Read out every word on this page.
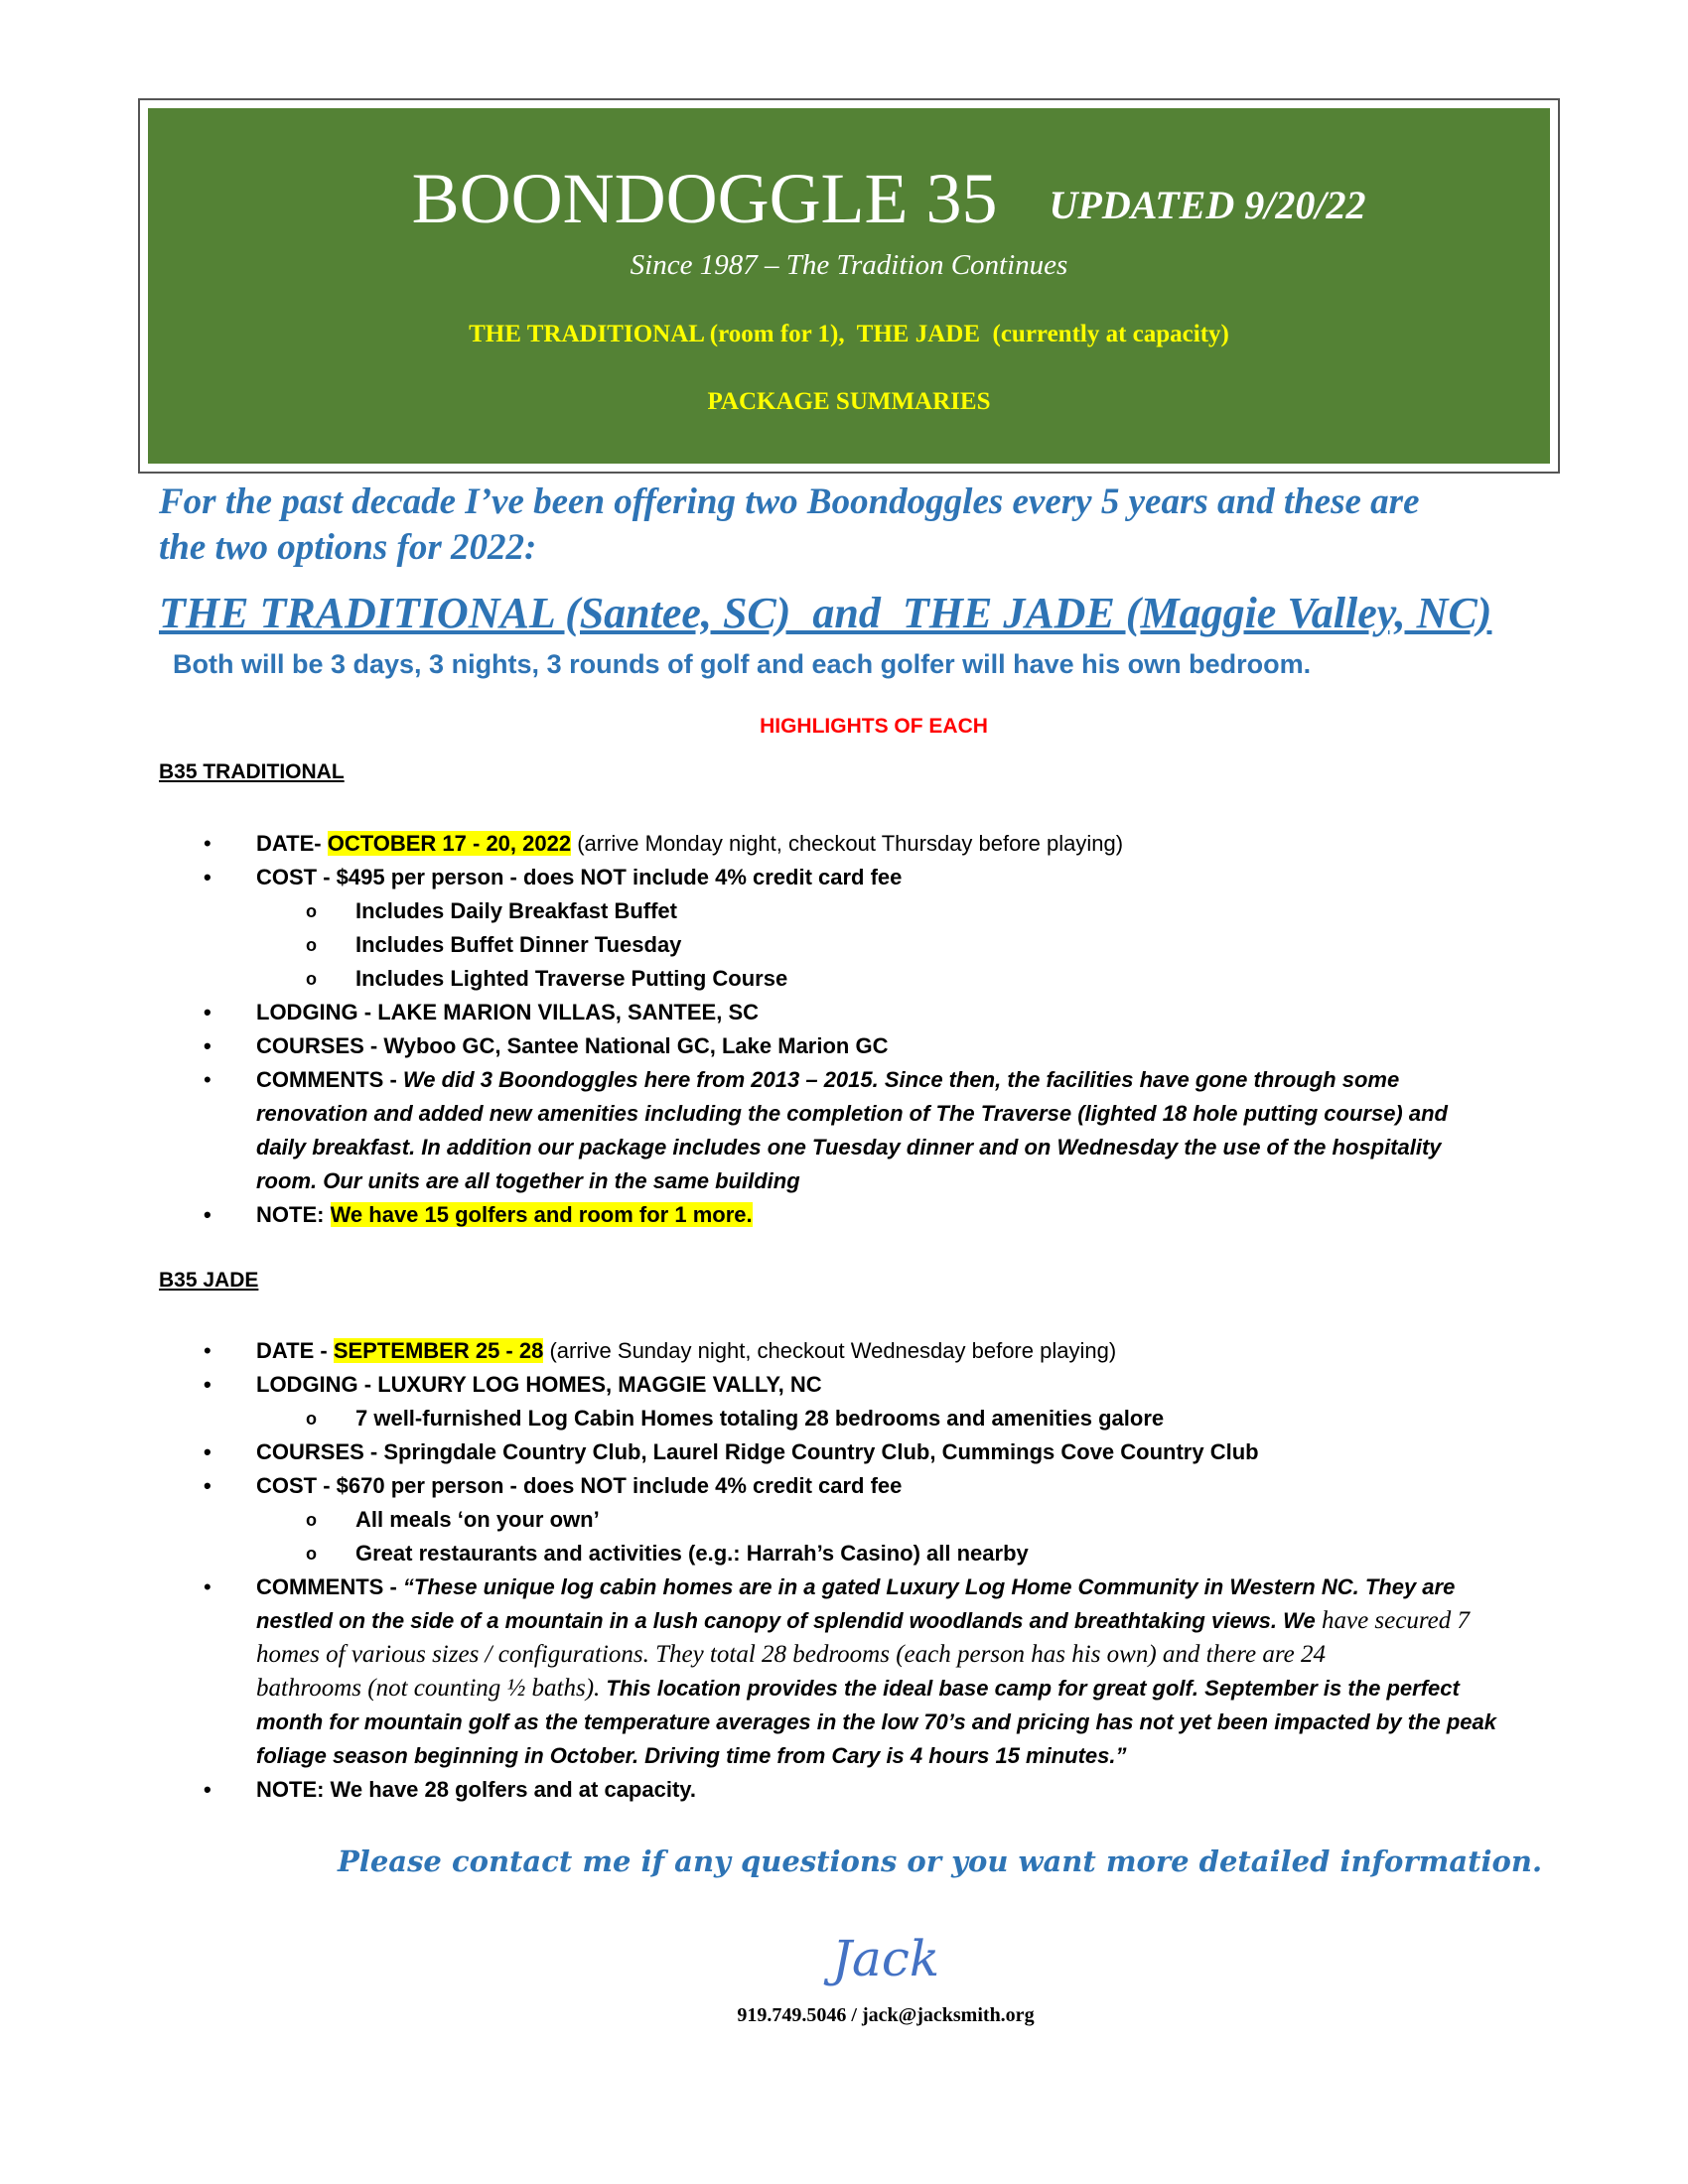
BOONDOGGLE 35 UPDATED 9/20/22
Since 1987 – The Tradition Continues
THE TRADITIONAL (room for 1),  THE JADE  (currently at capacity)
PACKAGE SUMMARIES
For the past decade I’ve been offering two Boondoggles every 5 years and these are
the two options for 2022:
THE TRADITIONAL (Santee, SC)  and  THE JADE (Maggie Valley, NC)
Both will be 3 days, 3 nights, 3 rounds of golf and each golfer will have his own bedroom.
HIGHLIGHTS OF EACH
B35 TRADITIONAL
• DATE- OCTOBER 17 - 20, 2022 (arrive Monday night, checkout Thursday before playing)
• COST - $495 per person - does NOT include 4% credit card fee
o Includes Daily Breakfast Buffet
o Includes Buffet Dinner Tuesday
o Includes Lighted Traverse Putting Course
• LODGING - LAKE MARION VILLAS, SANTEE, SC
• COURSES - Wyboo GC, Santee National GC, Lake Marion GC
• COMMENTS - We did 3 Boondoggles here from 2013 – 2015. Since then, the facilities have gone through some
renovation and added new amenities including the completion of The Traverse (lighted 18 hole putting course) and
daily breakfast. In addition our package includes one Tuesday dinner and on Wednesday the use of the hospitality
room. Our units are all together in the same building
• NOTE: We have 15 golfers and room for 1 more.
B35 JADE
• DATE - SEPTEMBER 25 - 28 (arrive Sunday night, checkout Wednesday before playing)
• LODGING - LUXURY LOG HOMES, MAGGIE VALLY, NC
o 7 well-furnished Log Cabin Homes totaling 28 bedrooms and amenities galore
• COURSES - Springdale Country Club, Laurel Ridge Country Club, Cummings Cove Country Club
• COST - $670 per person - does NOT include 4% credit card fee
o All meals ‘on your own’
o Great restaurants and activities (e.g.: Harrah’s Casino) all nearby
• COMMENTS - “These unique log cabin homes are in a gated Luxury Log Home Community in Western NC. They are
nestled on the side of a mountain in a lush canopy of splendid woodlands and breathtaking views. We have secured 7
homes of various sizes / configurations. They total 28 bedrooms (each person has his own) and there are 24
bathrooms (not counting ½ baths). This location provides the ideal base camp for great golf. September is the perfect
month for mountain golf as the temperature averages in the low 70’s and pricing has not yet been impacted by the peak
foliage season beginning in October. Driving time from Cary is 4 hours 15 minutes.”
• NOTE: We have 28 golfers and at capacity.
Please contact me if any questions or you want more detailed information.
Jack
919.749.5046 / jack@jacksmith.org
